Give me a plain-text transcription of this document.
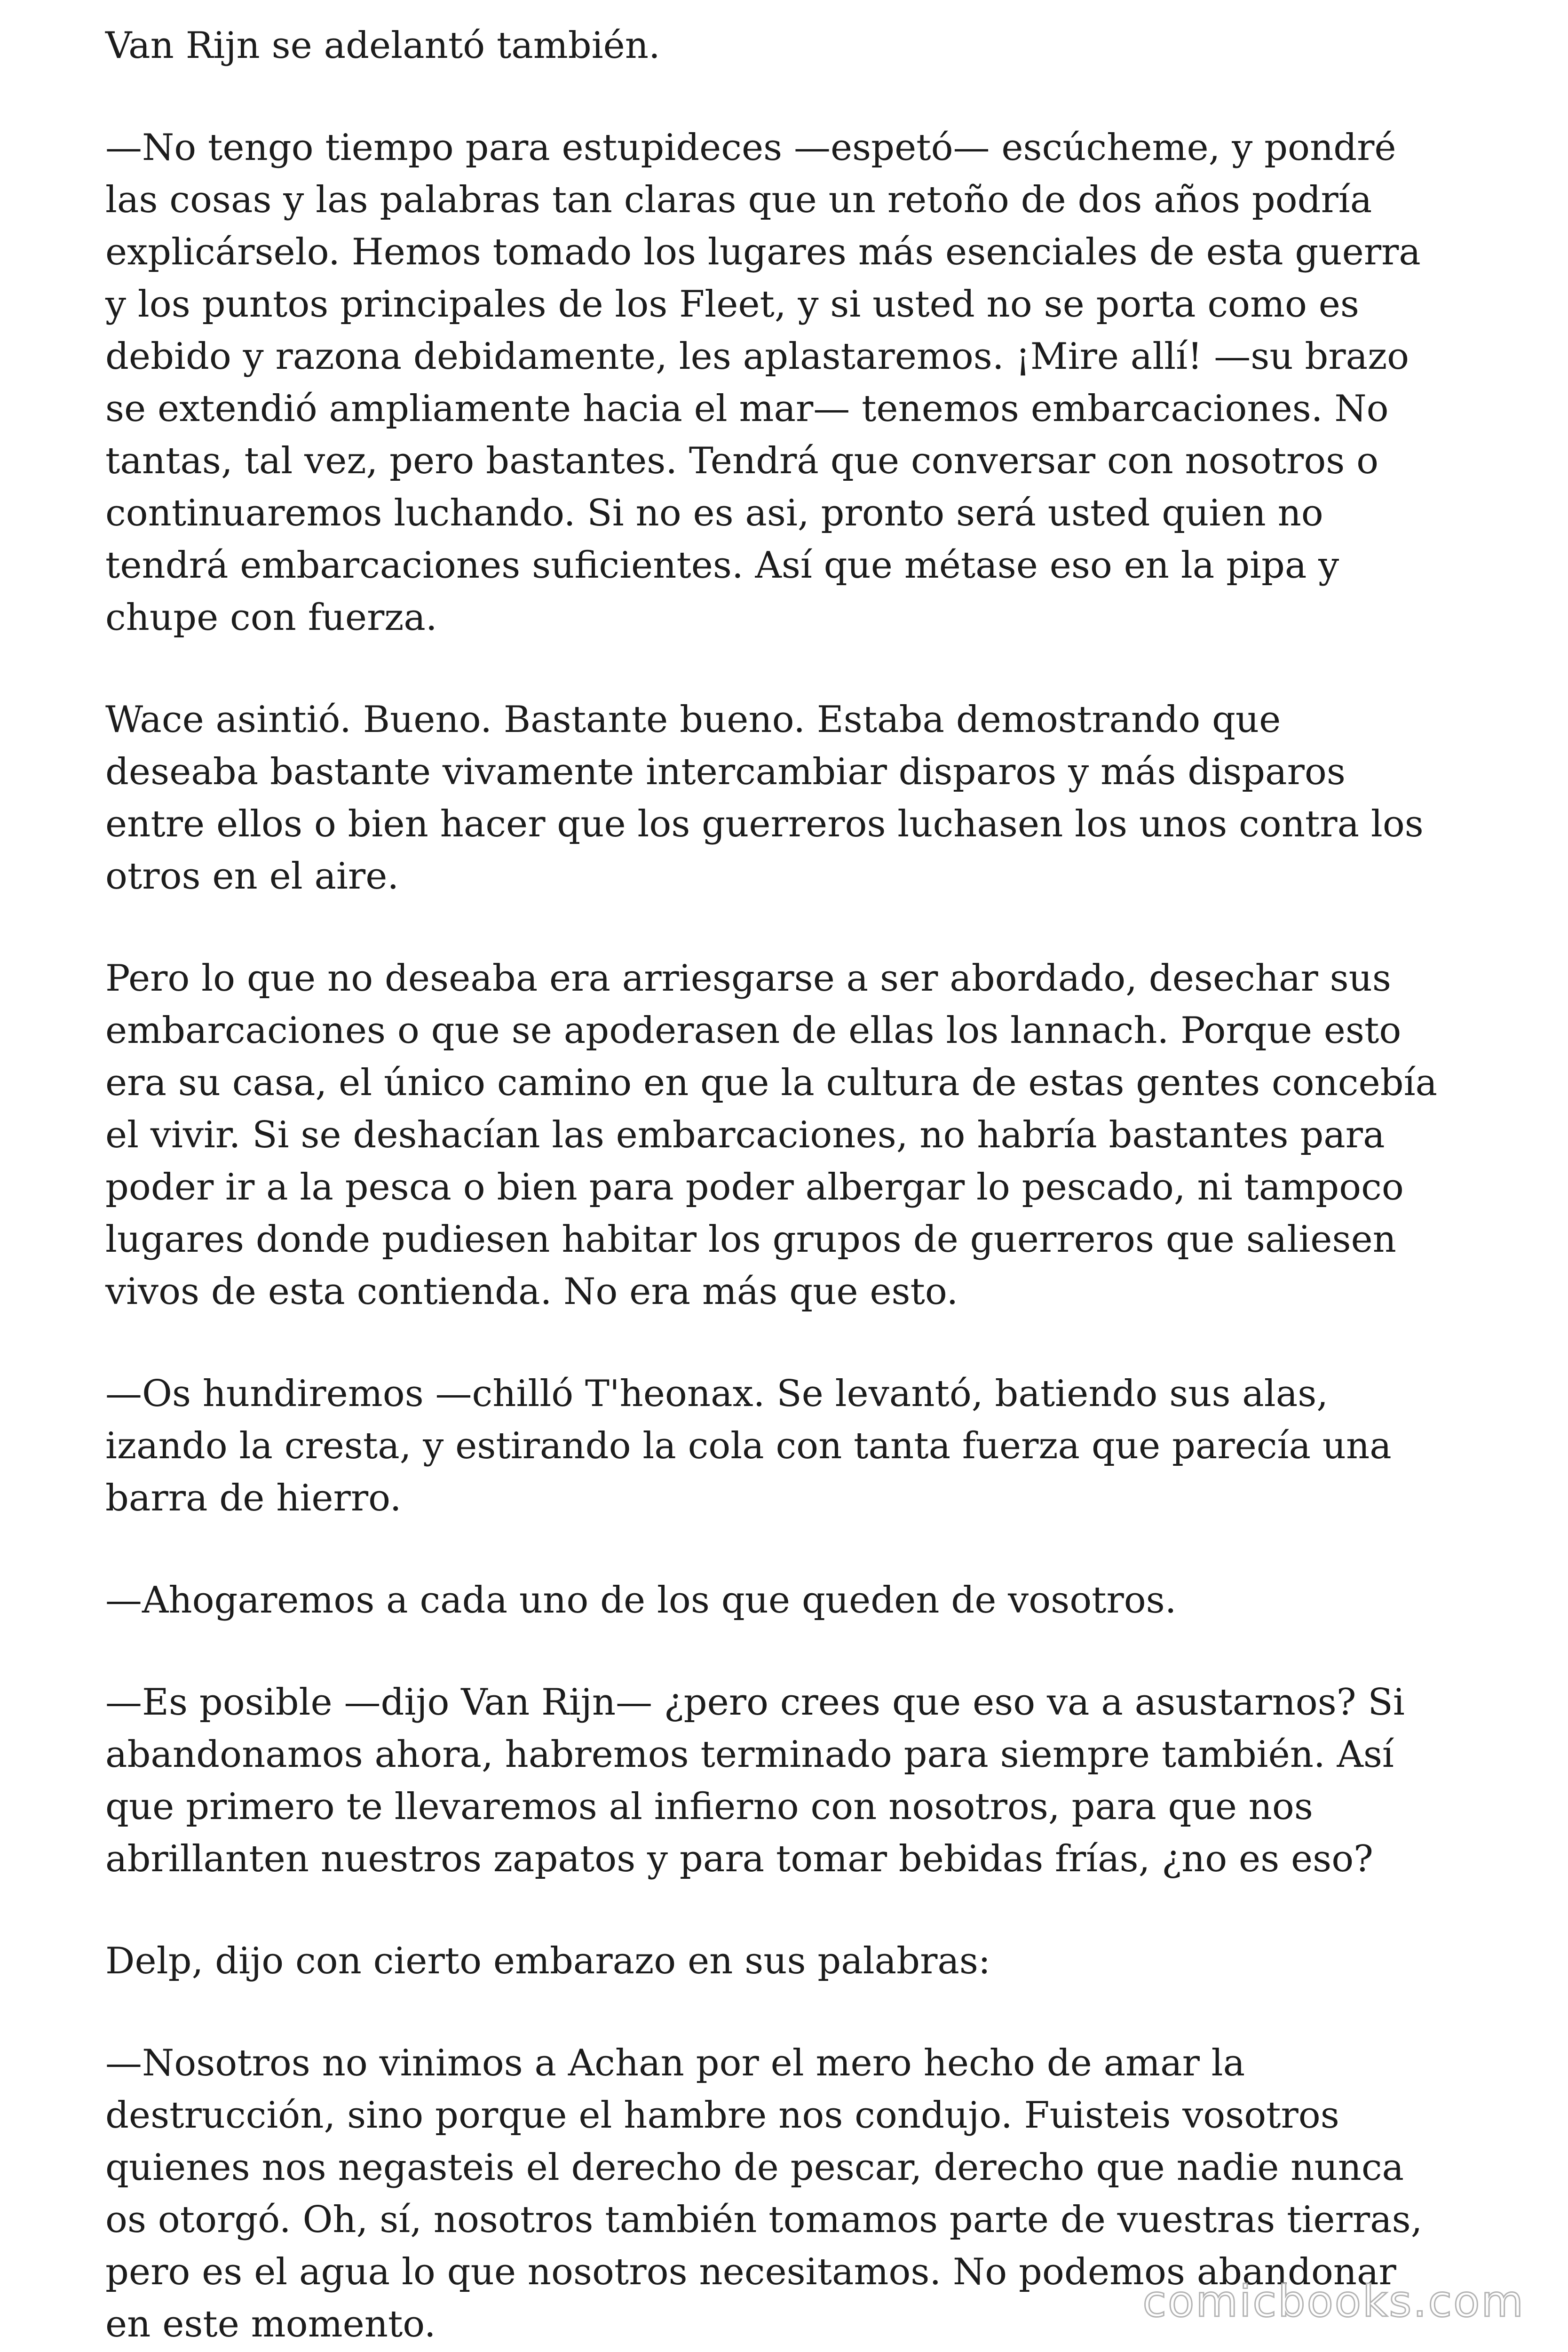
Van Rijn se adelantó también.

—No tengo tiempo para estupideces —espetó— escúcheme, y pondré
las cosas y las palabras tan claras que un retoño de dos años podría
explicárselo. Hemos tomado los lugares más esenciales de esta guerra
y los puntos principales de los Fleet, y si usted no se porta como es
debido y razona debidamente, les aplastaremos. ¡Mire allí! —su brazo
se extendió ampliamente hacia el mar— tenemos embarcaciones. No
tantas, tal vez, pero bastantes. Tendrá que conversar con nosotros o
continuaremos luchando. Si no es asi, pronto será usted quien no
tendrá embarcaciones suficientes. Así que métase eso en la pipa y
chupe con fuerza.

Wace asintió. Bueno. Bastante bueno. Estaba demostrando que
deseaba bastante vivamente intercambiar disparos y más disparos
entre ellos o bien hacer que los guerreros luchasen los unos contra los
otros en el aire.

Pero lo que no deseaba era arriesgarse a ser abordado, desechar sus
embarcaciones o que se apoderasen de ellas los lannach. Porque esto
era su casa, el único camino en que la cultura de estas gentes concebía
el vivir. Si se deshacían las embarcaciones, no habría bastantes para
poder ir a la pesca o bien para poder albergar lo pescado, ni tampoco
lugares donde pudiesen habitar los grupos de guerreros que saliesen
vivos de esta contienda. No era más que esto.

—Os hundiremos —chilló T'heonax. Se levantó, batiendo sus alas,
izando la cresta, y estirando la cola con tanta fuerza que parecía una
barra de hierro.

—Ahogaremos a cada uno de los que queden de vosotros.

—Es posible —dijo Van Rijn— ¿pero crees que eso va a asustarnos? Si
abandonamos ahora, habremos terminado para siempre también. Así
que primero te llevaremos al infierno con nosotros, para que nos
abrillanten nuestros zapatos y para tomar bebidas frías, ¿no es eso?

Delp, dijo con cierto embarazo en sus palabras:

—Nosotros no vinimos a Achan por el mero hecho de amar la
destrucción, sino porque el hambre nos condujo. Fuisteis vosotros
quienes nos negasteis el derecho de pescar, derecho que nadie nunca
os otorgó. Oh, sí, nosotros también tomamos parte de vuestras tierras,
pero es el agua lo que nosotros necesitamos. No podemos abandonar
en este momento.	comicbooks.com
